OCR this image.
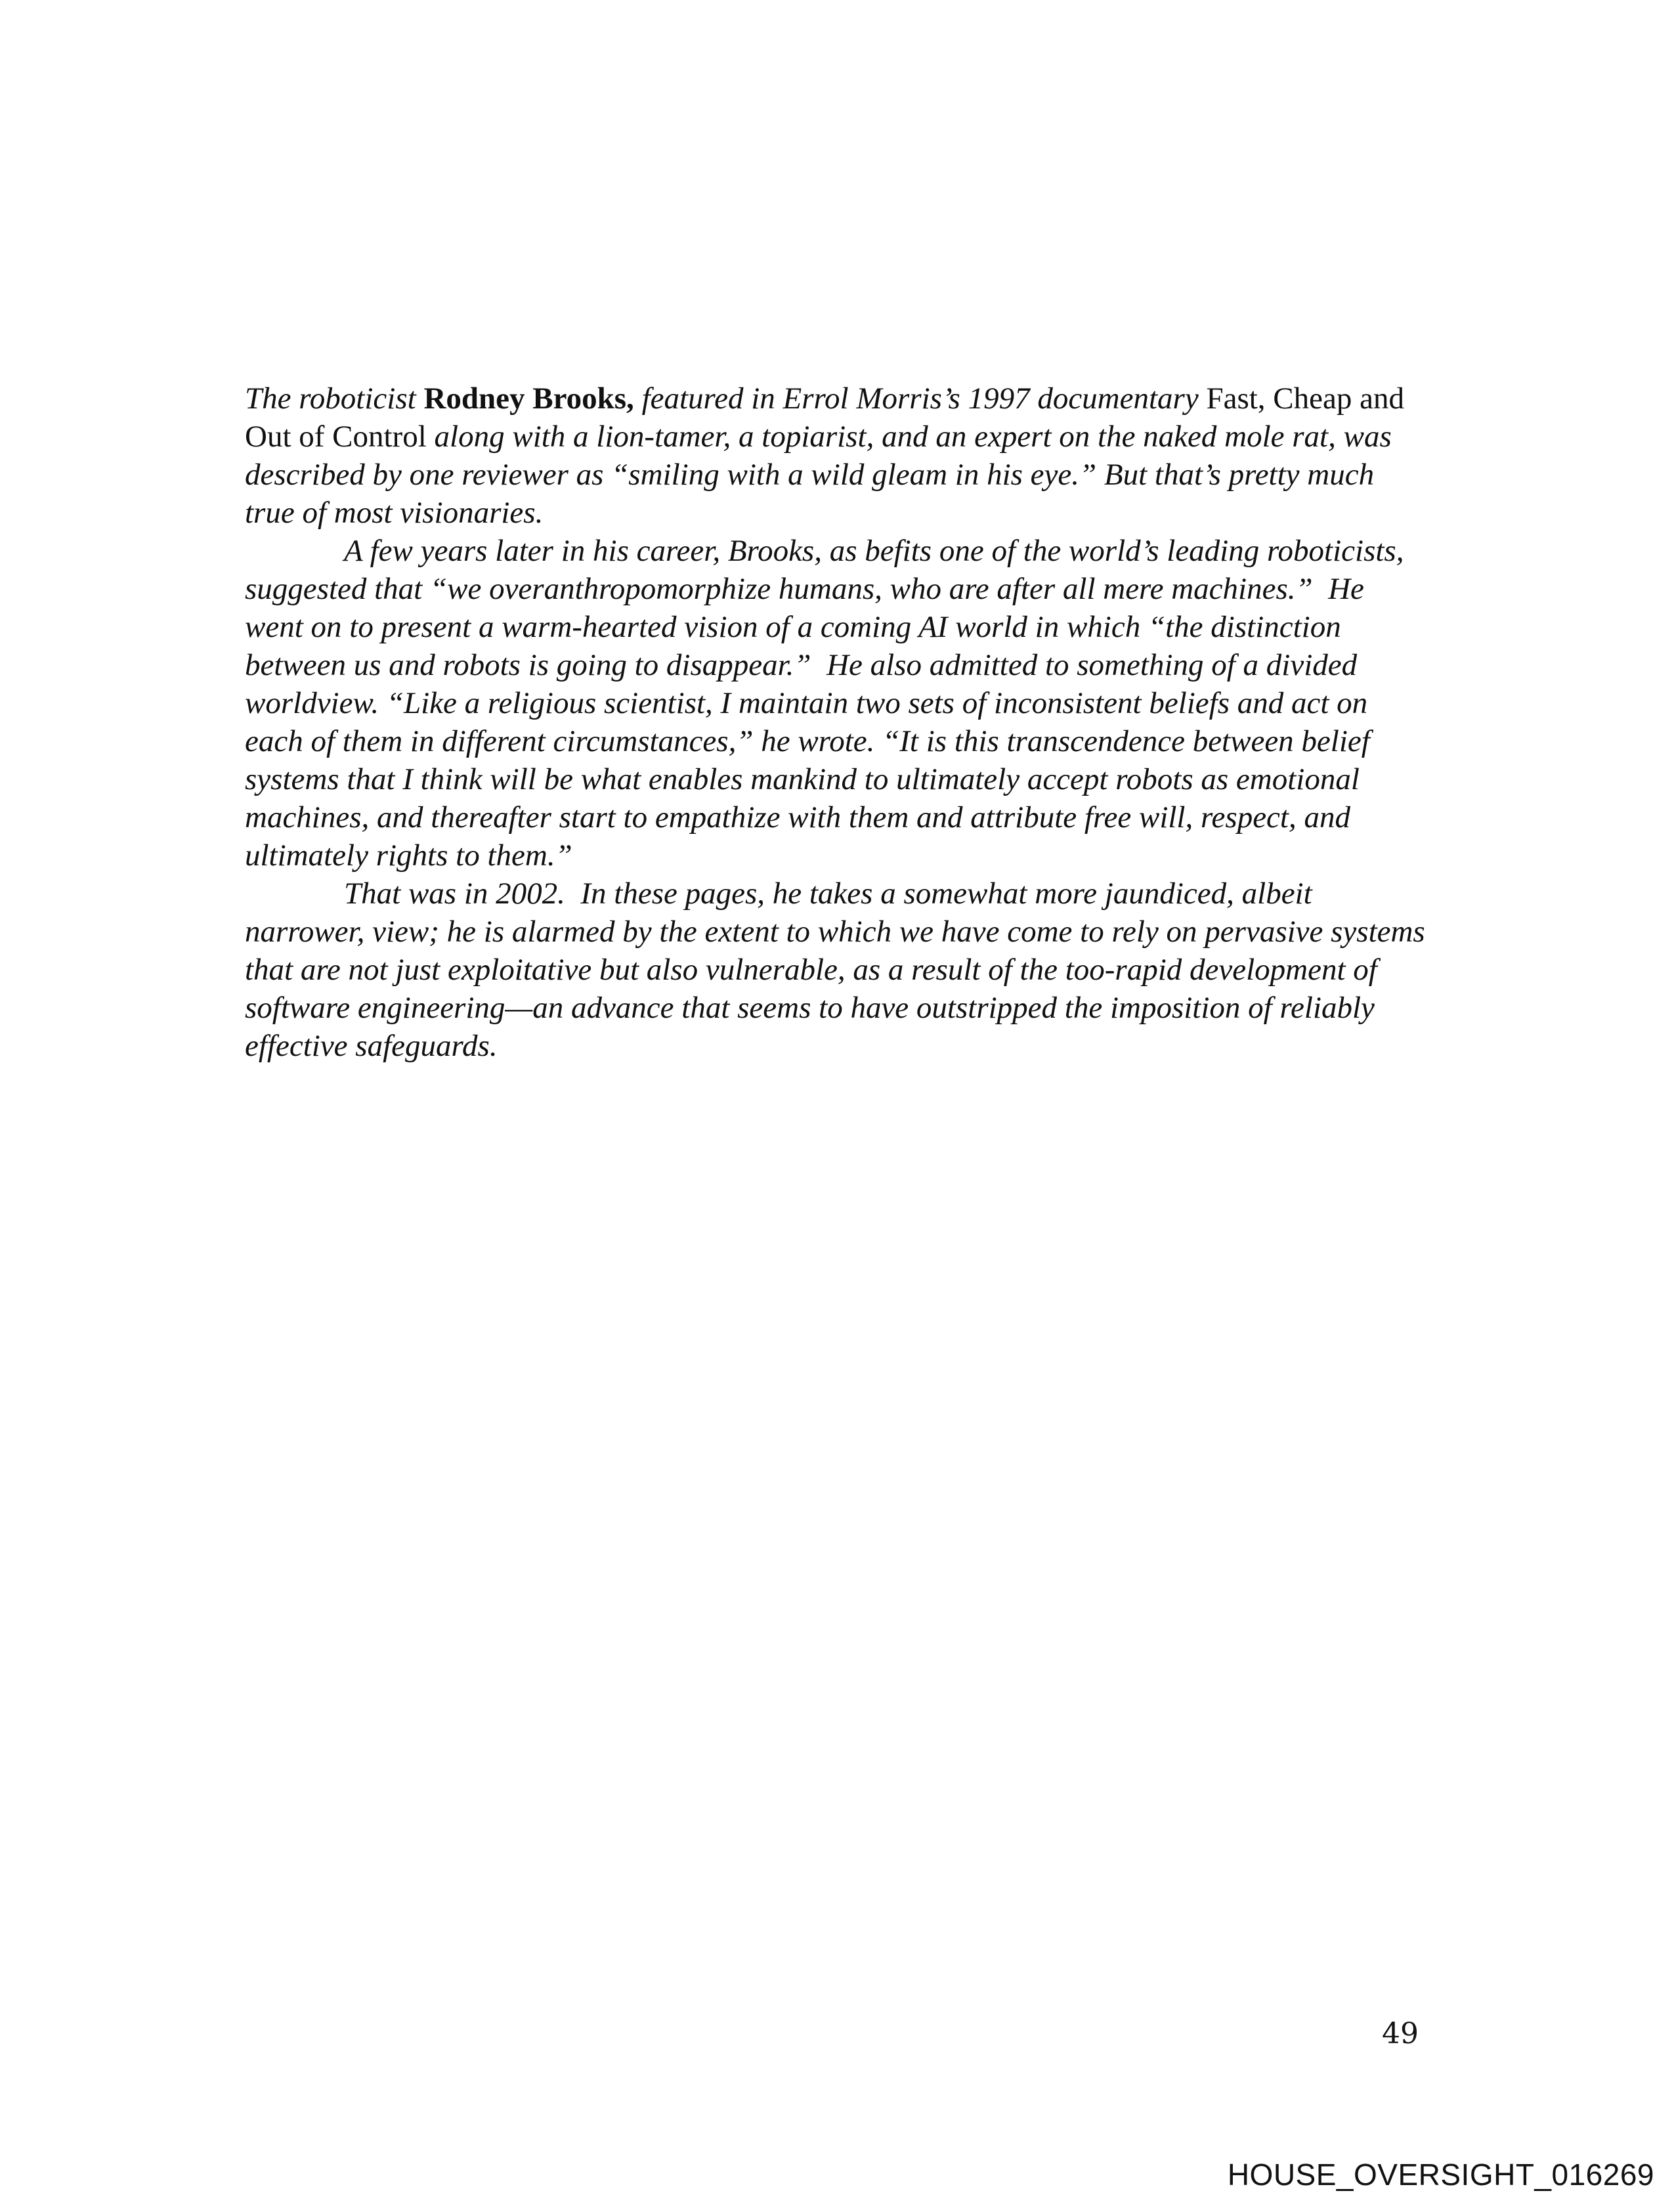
The roboticist Rodney Brooks, featured in Errol Morris’s 1997 documentary Fast, Cheap and Out of Control along with a lion-tamer, a topiarist, and an expert on the naked mole rat, was described by one reviewer as “smiling with a wild gleam in his eye.” But that’s pretty much true of most visionaries.

A few years later in his career, Brooks, as befits one of the world’s leading roboticists, suggested that “we overanthropomorphize humans, who are after all mere machines.”  He went on to present a warm-hearted vision of a coming AI world in which “the distinction between us and robots is going to disappear.”  He also admitted to something of a divided worldview. “Like a religious scientist, I maintain two sets of inconsistent beliefs and act on each of them in different circumstances,” he wrote. “It is this transcendence between belief systems that I think will be what enables mankind to ultimately accept robots as emotional machines, and thereafter start to empathize with them and attribute free will, respect, and ultimately rights to them.”

That was in 2002.  In these pages, he takes a somewhat more jaundiced, albeit narrower, view; he is alarmed by the extent to which we have come to rely on pervasive systems that are not just exploitative but also vulnerable, as a result of the too-rapid development of software engineering—an advance that seems to have outstripped the imposition of reliably effective safeguards.

49
HOUSE_OVERSIGHT_016269
